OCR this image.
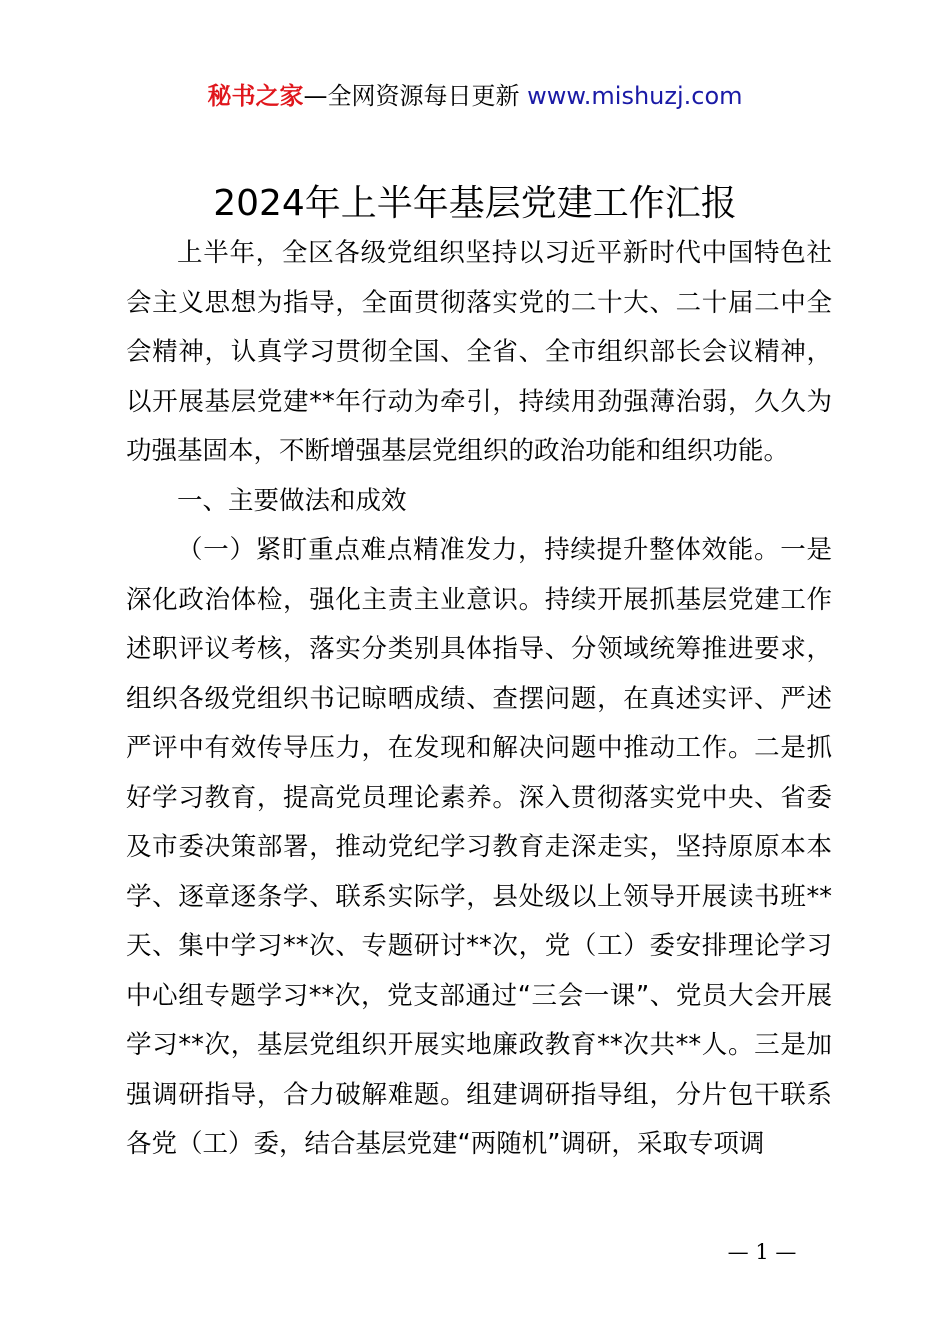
秘书之家—全网资源每日更新 www.mishuzj.com
2024年上半年基层党建工作汇报

上半年，全区各级党组织坚持以习近平新时代中国特色社会主义思想为指导，全面贯彻落实党的二十大、二十届二中全会精神，认真学习贯彻全国、全省、全市组织部长会议精神，以开展基层党建**年行动为牵引，持续用劲强薄治弱，久久为功强基固本，不断增强基层党组织的政治功能和组织功能。

一、主要做法和成效

（一）紧盯重点难点精准发力，持续提升整体效能。一是深化政治体检，强化主责主业意识。持续开展抓基层党建工作述职评议考核，落实分类别具体指导、分领域统筹推进要求，组织各级党组织书记晾晒成绩、查摆问题，在真述实评、严述严评中有效传导压力，在发现和解决问题中推动工作。二是抓好学习教育，提高党员理论素养。深入贯彻落实党中央、省委及市委决策部署，推动党纪学习教育走深走实，坚持原原本本学、逐章逐条学、联系实际学，县处级以上领导开展读书班**天、集中学习**次、专题研讨**次，党（工）委安排理论学习中心组专题学习**次，党支部通过“三会一课”、党员大会开展学习**次，基层党组织开展实地廉政教育**次共**人。三是加强调研指导，合力破解难题。组建调研指导组，分片包干联系各党（工）委，结合基层党建“两随机”调研，采取专项调

— 1 —
